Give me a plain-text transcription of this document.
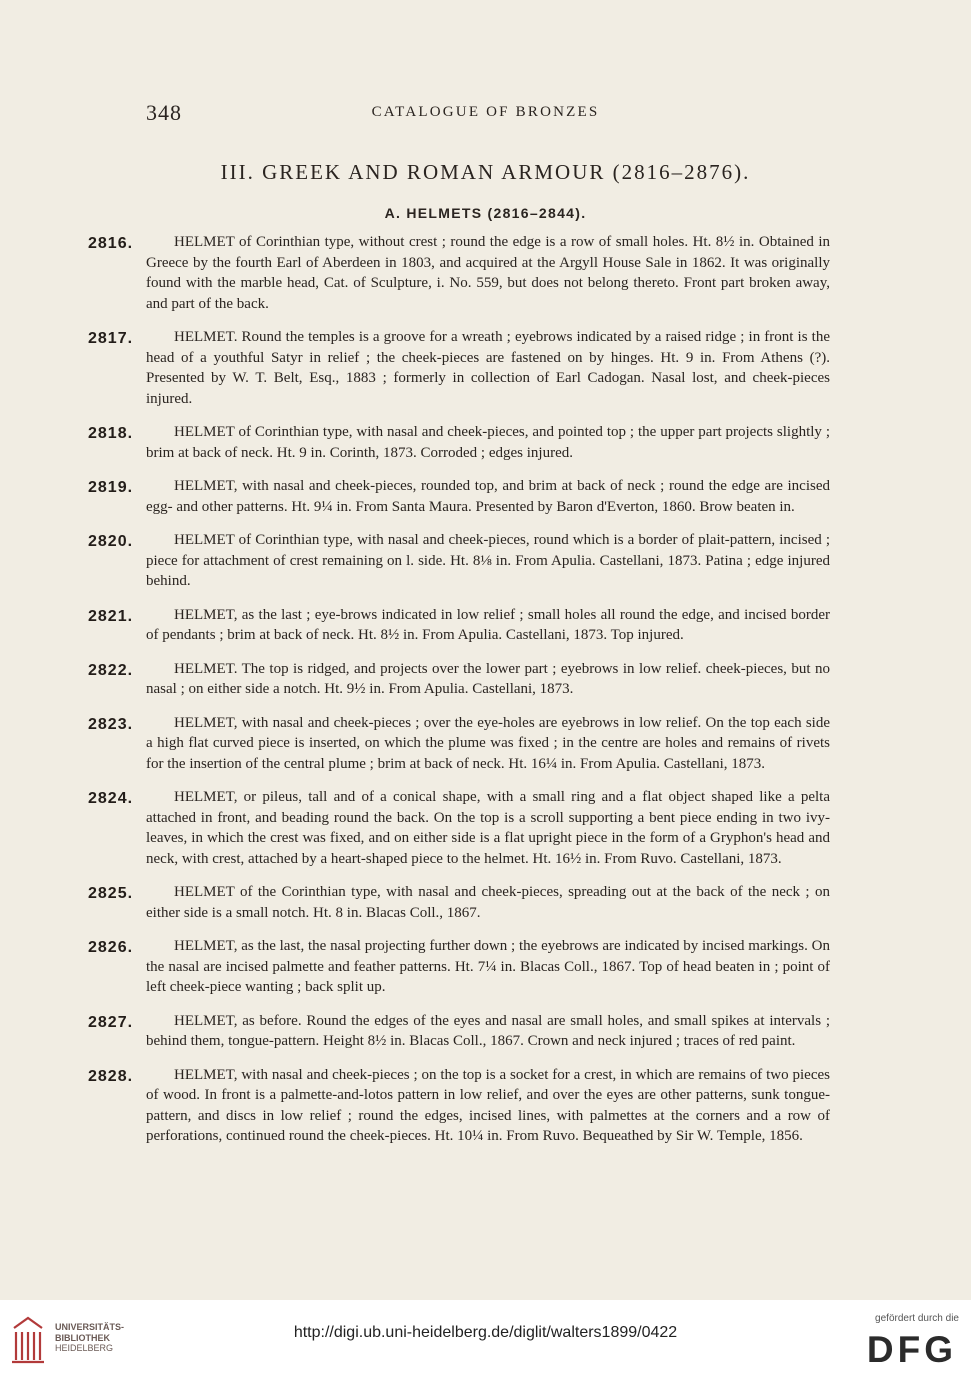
348	CATALOGUE OF BRONZES
III. GREEK AND ROMAN ARMOUR (2816–2876).
A. HELMETS (2816–2844).
2816.	HELMET of Corinthian type, without crest ; round the edge is a row of small holes. Ht. 8½ in. Obtained in Greece by the fourth Earl of Aberdeen in 1803, and acquired at the Argyll House Sale in 1862. It was originally found with the marble head, Cat. of Sculpture, i. No. 559, but does not belong thereto. Front part broken away, and part of the back.
2817.	HELMET. Round the temples is a groove for a wreath ; eyebrows indicated by a raised ridge ; in front is the head of a youthful Satyr in relief ; the cheek-pieces are fastened on by hinges. Ht. 9 in. From Athens (?). Presented by W. T. Belt, Esq., 1883 ; formerly in collection of Earl Cadogan. Nasal lost, and cheek-pieces injured.
2818.	HELMET of Corinthian type, with nasal and cheek-pieces, and pointed top ; the upper part projects slightly ; brim at back of neck. Ht. 9 in. Corinth, 1873. Corroded ; edges injured.
2819.	HELMET, with nasal and cheek-pieces, rounded top, and brim at back of neck ; round the edge are incised egg- and other patterns. Ht. 9¼ in. From Santa Maura. Presented by Baron d'Everton, 1860. Brow beaten in.
2820.	HELMET of Corinthian type, with nasal and cheek-pieces, round which is a border of plait-pattern, incised ; piece for attachment of crest remaining on l. side. Ht. 8⅛ in. From Apulia. Castellani, 1873. Patina ; edge injured behind.
2821.	HELMET, as the last ; eye-brows indicated in low relief ; small holes all round the edge, and incised border of pendants ; brim at back of neck. Ht. 8½ in. From Apulia. Castellani, 1873. Top injured.
2822.	HELMET. The top is ridged, and projects over the lower part ; eyebrows in low relief. cheek-pieces, but no nasal ; on either side a notch. Ht. 9½ in. From Apulia. Castellani, 1873.
2823.	HELMET, with nasal and cheek-pieces ; over the eye-holes are eyebrows in low relief. On the top each side a high flat curved piece is inserted, on which the plume was fixed ; in the centre are holes and remains of rivets for the insertion of the central plume ; brim at back of neck. Ht. 16¼ in. From Apulia. Castellani, 1873.
2824.	HELMET, or pileus, tall and of a conical shape, with a small ring and a flat object shaped like a pelta attached in front, and beading round the back. On the top is a scroll supporting a bent piece ending in two ivy-leaves, in which the crest was fixed, and on either side is a flat upright piece in the form of a Gryphon's head and neck, with crest, attached by a heart-shaped piece to the helmet. Ht. 16½ in. From Ruvo. Castellani, 1873.
2825.	HELMET of the Corinthian type, with nasal and cheek-pieces, spreading out at the back of the neck ; on either side is a small notch. Ht. 8 in. Blacas Coll., 1867.
2826.	HELMET, as the last, the nasal projecting further down ; the eyebrows are indicated by incised markings. On the nasal are incised palmette and feather patterns. Ht. 7¼ in. Blacas Coll., 1867. Top of head beaten in ; point of left cheek-piece wanting ; back split up.
2827.	HELMET, as before. Round the edges of the eyes and nasal are small holes, and small spikes at intervals ; behind them, tongue-pattern. Height 8½ in. Blacas Coll., 1867. Crown and neck injured ; traces of red paint.
2828.	HELMET, with nasal and cheek-pieces ; on the top is a socket for a crest, in which are remains of two pieces of wood. In front is a palmette-and-lotos pattern in low relief, and over the eyes are other patterns, sunk tongue-pattern, and discs in low relief ; round the edges, incised lines, with palmettes at the corners and a row of perforations, continued round the cheek-pieces. Ht. 10¼ in. From Ruvo. Bequeathed by Sir W. Temple, 1856.
UNIVERSITÄTS-
BIBLIOTHEK
HEIDELBERG
http://digi.ub.uni-heidelberg.de/diglit/walters1899/0422
gefördert durch die
DFG
